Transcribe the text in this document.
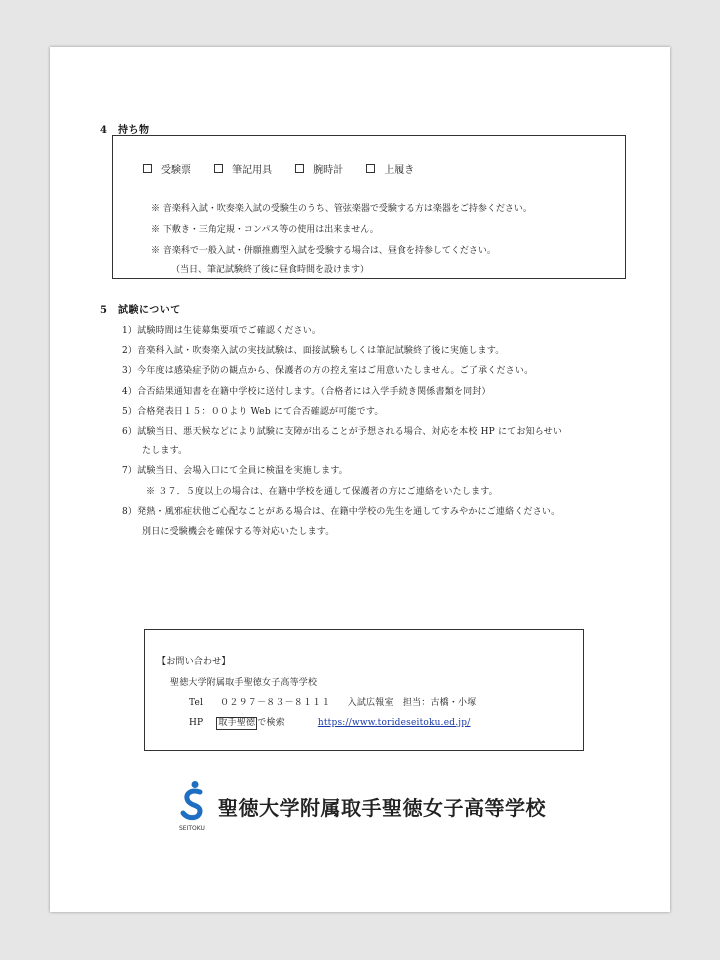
4　持ち物
受験票
	筆記用具
	腕時計
	上履き
※ 音楽科入試・吹奏楽入試の受験生のうち、管弦楽器で受験する方は楽器をご持参ください。
※ 下敷き・三角定規・コンパス等の使用は出来ません。
※ 音楽科で一般入試・併願推薦型入試を受験する場合は、昼食を持参してください。
（当日、筆記試験終了後に昼食時間を設けます）
5　試験について
1）試験時間は生徒募集要項でご確認ください。
2）音楽科入試・吹奏楽入試の実技試験は、面接試験もしくは筆記試験終了後に実施します。
3）今年度は感染症予防の観点から、保護者の方の控え室はご用意いたしません。ご了承ください。
4）合否結果通知書を在籍中学校に送付します。（合格者には入学手続き関係書類を同封）
5）合格発表日１５：００より Web にて合否確認が可能です。
6）試験当日、悪天候などにより試験に支障が出ることが予想される場合、対応を本校 HP にてお知らせい
たします。
7）試験当日、会場入口にて全員に検温を実施します。
※ ３７．５度以上の場合は、在籍中学校を通して保護者の方にご連絡をいたします。
8）発熱・風邪症状他ご心配なことがある場合は、在籍中学校の先生を通してすみやかにご連絡ください。
別日に受験機会を確保する等対応いたします。
【お問い合わせ】
聖徳大学附属取手聖徳女子高等学校
Tel ０２９７－８３－８１１１ 入試広報室　担当：古橋・小塚
HP 取手聖徳 で検索	https://www.torideseitoku.ed.jp/
SEITOKU
聖徳大学附属取手聖徳女子高等学校
